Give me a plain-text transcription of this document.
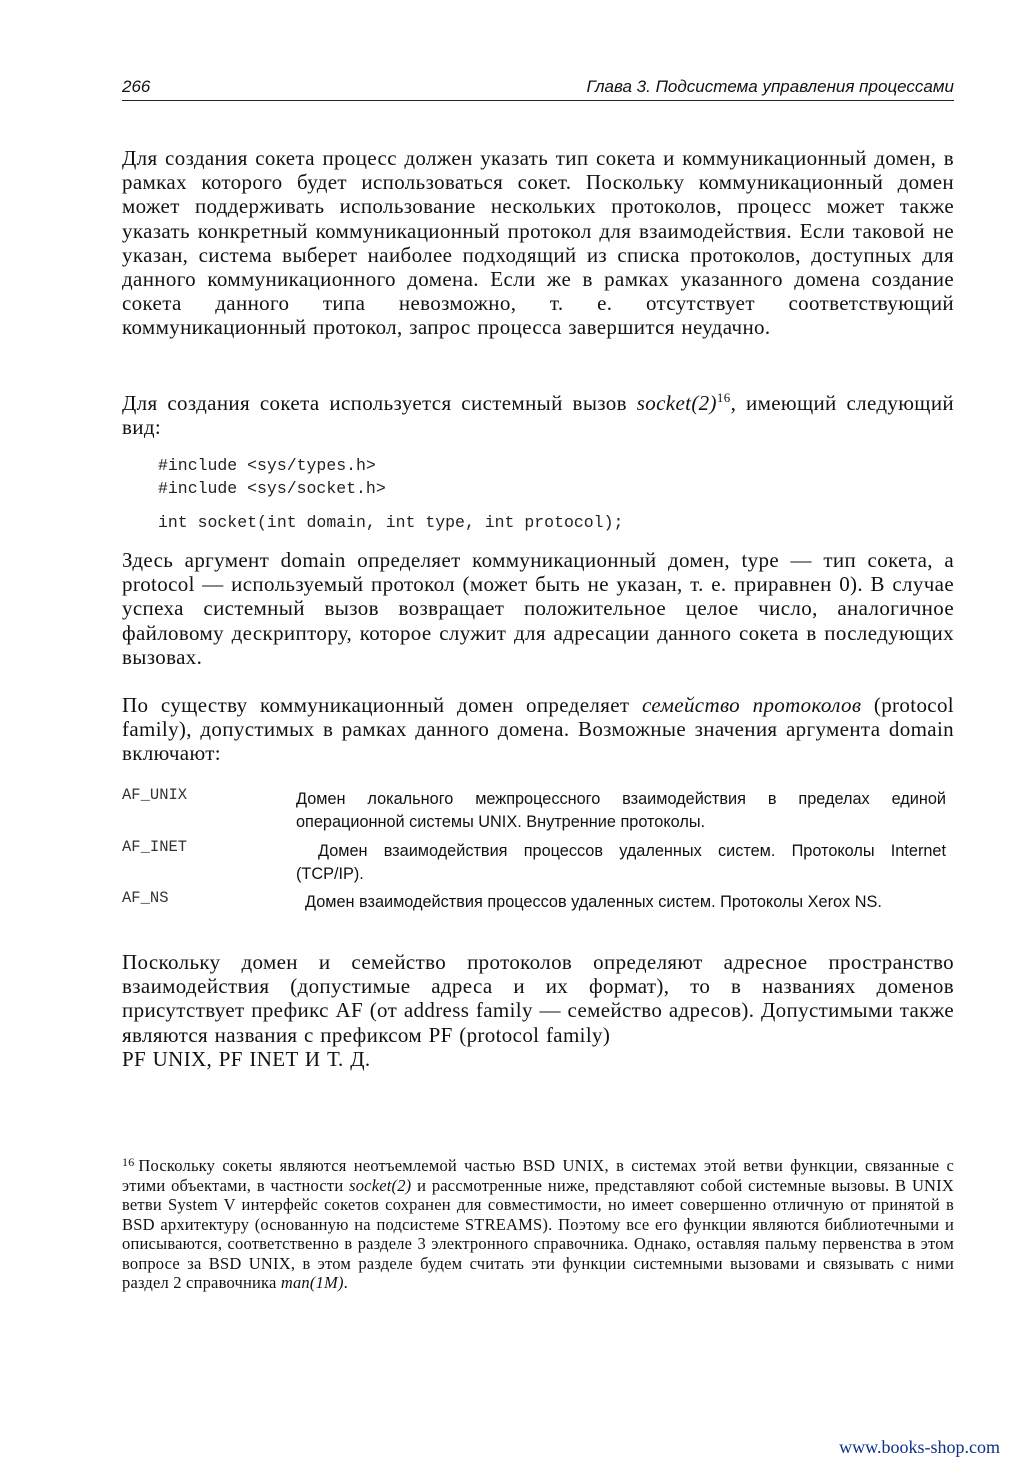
266	Глава 3. Подсистема управления процессами

Для создания сокета процесс должен указать тип сокета и коммуникационный домен, в рамках которого будет использоваться сокет. Поскольку коммуникационный домен может поддерживать использование нескольких протоколов, процесс может также указать конкретный коммуникационный протокол для взаимодействия. Если таковой не указан, система выберет наиболее подходящий из списка протоколов, доступных для данного коммуникационного домена. Если же в рамках указанного домена создание сокета данного типа невозможно, т. е. отсутствует соответствующий коммуникационный протокол, запрос процесса завершится неудачно.

Для создания сокета используется системный вызов $socket(2)^{16}$, имеющий следующий вид:

#include <sys/types.h>
#include <sys/socket.h>
int socket(int domain, int type, int protocol);

Здесь аргумент domain определяет коммуникационный домен, type — тип сокета, а protocol — используемый протокол (может быть не указан, т. е. приравнен 0). В случае успеха системный вызов возвращает положительное целое число, аналогичное файловому дескриптору, которое служит для адресации данного сокета в последующих вызовах.

По существу коммуникационный домен определяет семейство протоколов (protocol family), допустимых в рамках данного домена. Возможные значения аргумента domain включают:

AF_UNIX	Домен локального межпроцессного взаимодействия в пределах единой операционной системы UNIX. Внутренние протоколы.

AF_INET	Домен взаимодействия процессов удаленных систем. Протоколы Internet (TCP/IP).

AF_NS	Домен взаимодействия процессов удаленных систем. Протоколы Xerox NS.

Поскольку домен и семейство протоколов определяют адресное пространство взаимодействия (допустимые адреса и их формат), то в названиях доменов присутствует префикс AF (от address family — семейство адресов). Допустимыми также являются названия с префиксом PF (protocol family)
PF UNIX, PF INET И Т. Д.

$^{16}$ Поскольку сокеты являются неотъемлемой частью BSD UNIX, в системах этой ветви функции, связанные с этими объектами, в частности socket(2) и рассмотренные ниже, представляют собой системные вызовы. В UNIX ветви System V интерфейс сокетов сохранен для совместимости, но имеет совершенно отличную от принятой в BSD архитектуру (основанную на подсистеме STREAMS). Поэтому все его функции являются библиотечными и описываются, соответственно в разделе 3 электронного справочника. Однако, оставляя пальму первенства в этом вопросе за BSD UNIX, в этом разделе будем считать эти функции системными вызовами и связывать с ними раздел 2 справочника man(1M).

www.books-shop.com
